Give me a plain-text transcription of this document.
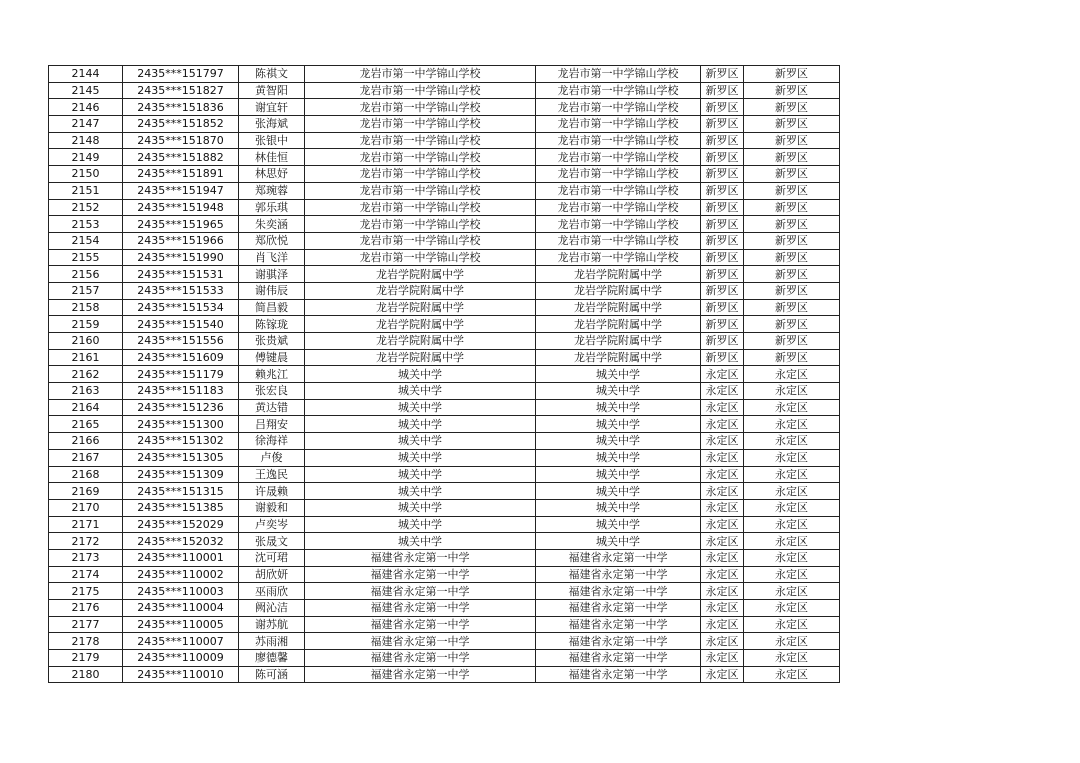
2144	2435***151797	陈祺文	龙岩市第一中学锦山学校	龙岩市第一中学锦山学校	新罗区	新罗区
2145	2435***151827	黄智阳	龙岩市第一中学锦山学校	龙岩市第一中学锦山学校	新罗区	新罗区
2146	2435***151836	谢宜轩	龙岩市第一中学锦山学校	龙岩市第一中学锦山学校	新罗区	新罗区
2147	2435***151852	张海斌	龙岩市第一中学锦山学校	龙岩市第一中学锦山学校	新罗区	新罗区
2148	2435***151870	张银中	龙岩市第一中学锦山学校	龙岩市第一中学锦山学校	新罗区	新罗区
2149	2435***151882	林佳恒	龙岩市第一中学锦山学校	龙岩市第一中学锦山学校	新罗区	新罗区
2150	2435***151891	林思妤	龙岩市第一中学锦山学校	龙岩市第一中学锦山学校	新罗区	新罗区
2151	2435***151947	郑琬蓉	龙岩市第一中学锦山学校	龙岩市第一中学锦山学校	新罗区	新罗区
2152	2435***151948	郭乐琪	龙岩市第一中学锦山学校	龙岩市第一中学锦山学校	新罗区	新罗区
2153	2435***151965	朱奕涵	龙岩市第一中学锦山学校	龙岩市第一中学锦山学校	新罗区	新罗区
2154	2435***151966	郑欣悦	龙岩市第一中学锦山学校	龙岩市第一中学锦山学校	新罗区	新罗区
2155	2435***151990	肖飞洋	龙岩市第一中学锦山学校	龙岩市第一中学锦山学校	新罗区	新罗区
2156	2435***151531	谢骐泽	龙岩学院附属中学	龙岩学院附属中学	新罗区	新罗区
2157	2435***151533	谢伟辰	龙岩学院附属中学	龙岩学院附属中学	新罗区	新罗区
2158	2435***151534	简昌毅	龙岩学院附属中学	龙岩学院附属中学	新罗区	新罗区
2159	2435***151540	陈镓珑	龙岩学院附属中学	龙岩学院附属中学	新罗区	新罗区
2160	2435***151556	张贵斌	龙岩学院附属中学	龙岩学院附属中学	新罗区	新罗区
2161	2435***151609	傅键晨	龙岩学院附属中学	龙岩学院附属中学	新罗区	新罗区
2162	2435***151179	赖兆江	城关中学	城关中学	永定区	永定区
2163	2435***151183	张宏良	城关中学	城关中学	永定区	永定区
2164	2435***151236	黄达错	城关中学	城关中学	永定区	永定区
2165	2435***151300	吕翔安	城关中学	城关中学	永定区	永定区
2166	2435***151302	徐海祥	城关中学	城关中学	永定区	永定区
2167	2435***151305	卢俊	城关中学	城关中学	永定区	永定区
2168	2435***151309	王逸民	城关中学	城关中学	永定区	永定区
2169	2435***151315	许晟赖	城关中学	城关中学	永定区	永定区
2170	2435***151385	谢毅和	城关中学	城关中学	永定区	永定区
2171	2435***152029	卢奕岑	城关中学	城关中学	永定区	永定区
2172	2435***152032	张晟文	城关中学	城关中学	永定区	永定区
2173	2435***110001	沈可珺	福建省永定第一中学	福建省永定第一中学	永定区	永定区
2174	2435***110002	胡欣妍	福建省永定第一中学	福建省永定第一中学	永定区	永定区
2175	2435***110003	巫雨欣	福建省永定第一中学	福建省永定第一中学	永定区	永定区
2176	2435***110004	阙沁洁	福建省永定第一中学	福建省永定第一中学	永定区	永定区
2177	2435***110005	谢苏航	福建省永定第一中学	福建省永定第一中学	永定区	永定区
2178	2435***110007	苏雨湘	福建省永定第一中学	福建省永定第一中学	永定区	永定区
2179	2435***110009	廖德馨	福建省永定第一中学	福建省永定第一中学	永定区	永定区
2180	2435***110010	陈可涵	福建省永定第一中学	福建省永定第一中学	永定区	永定区
